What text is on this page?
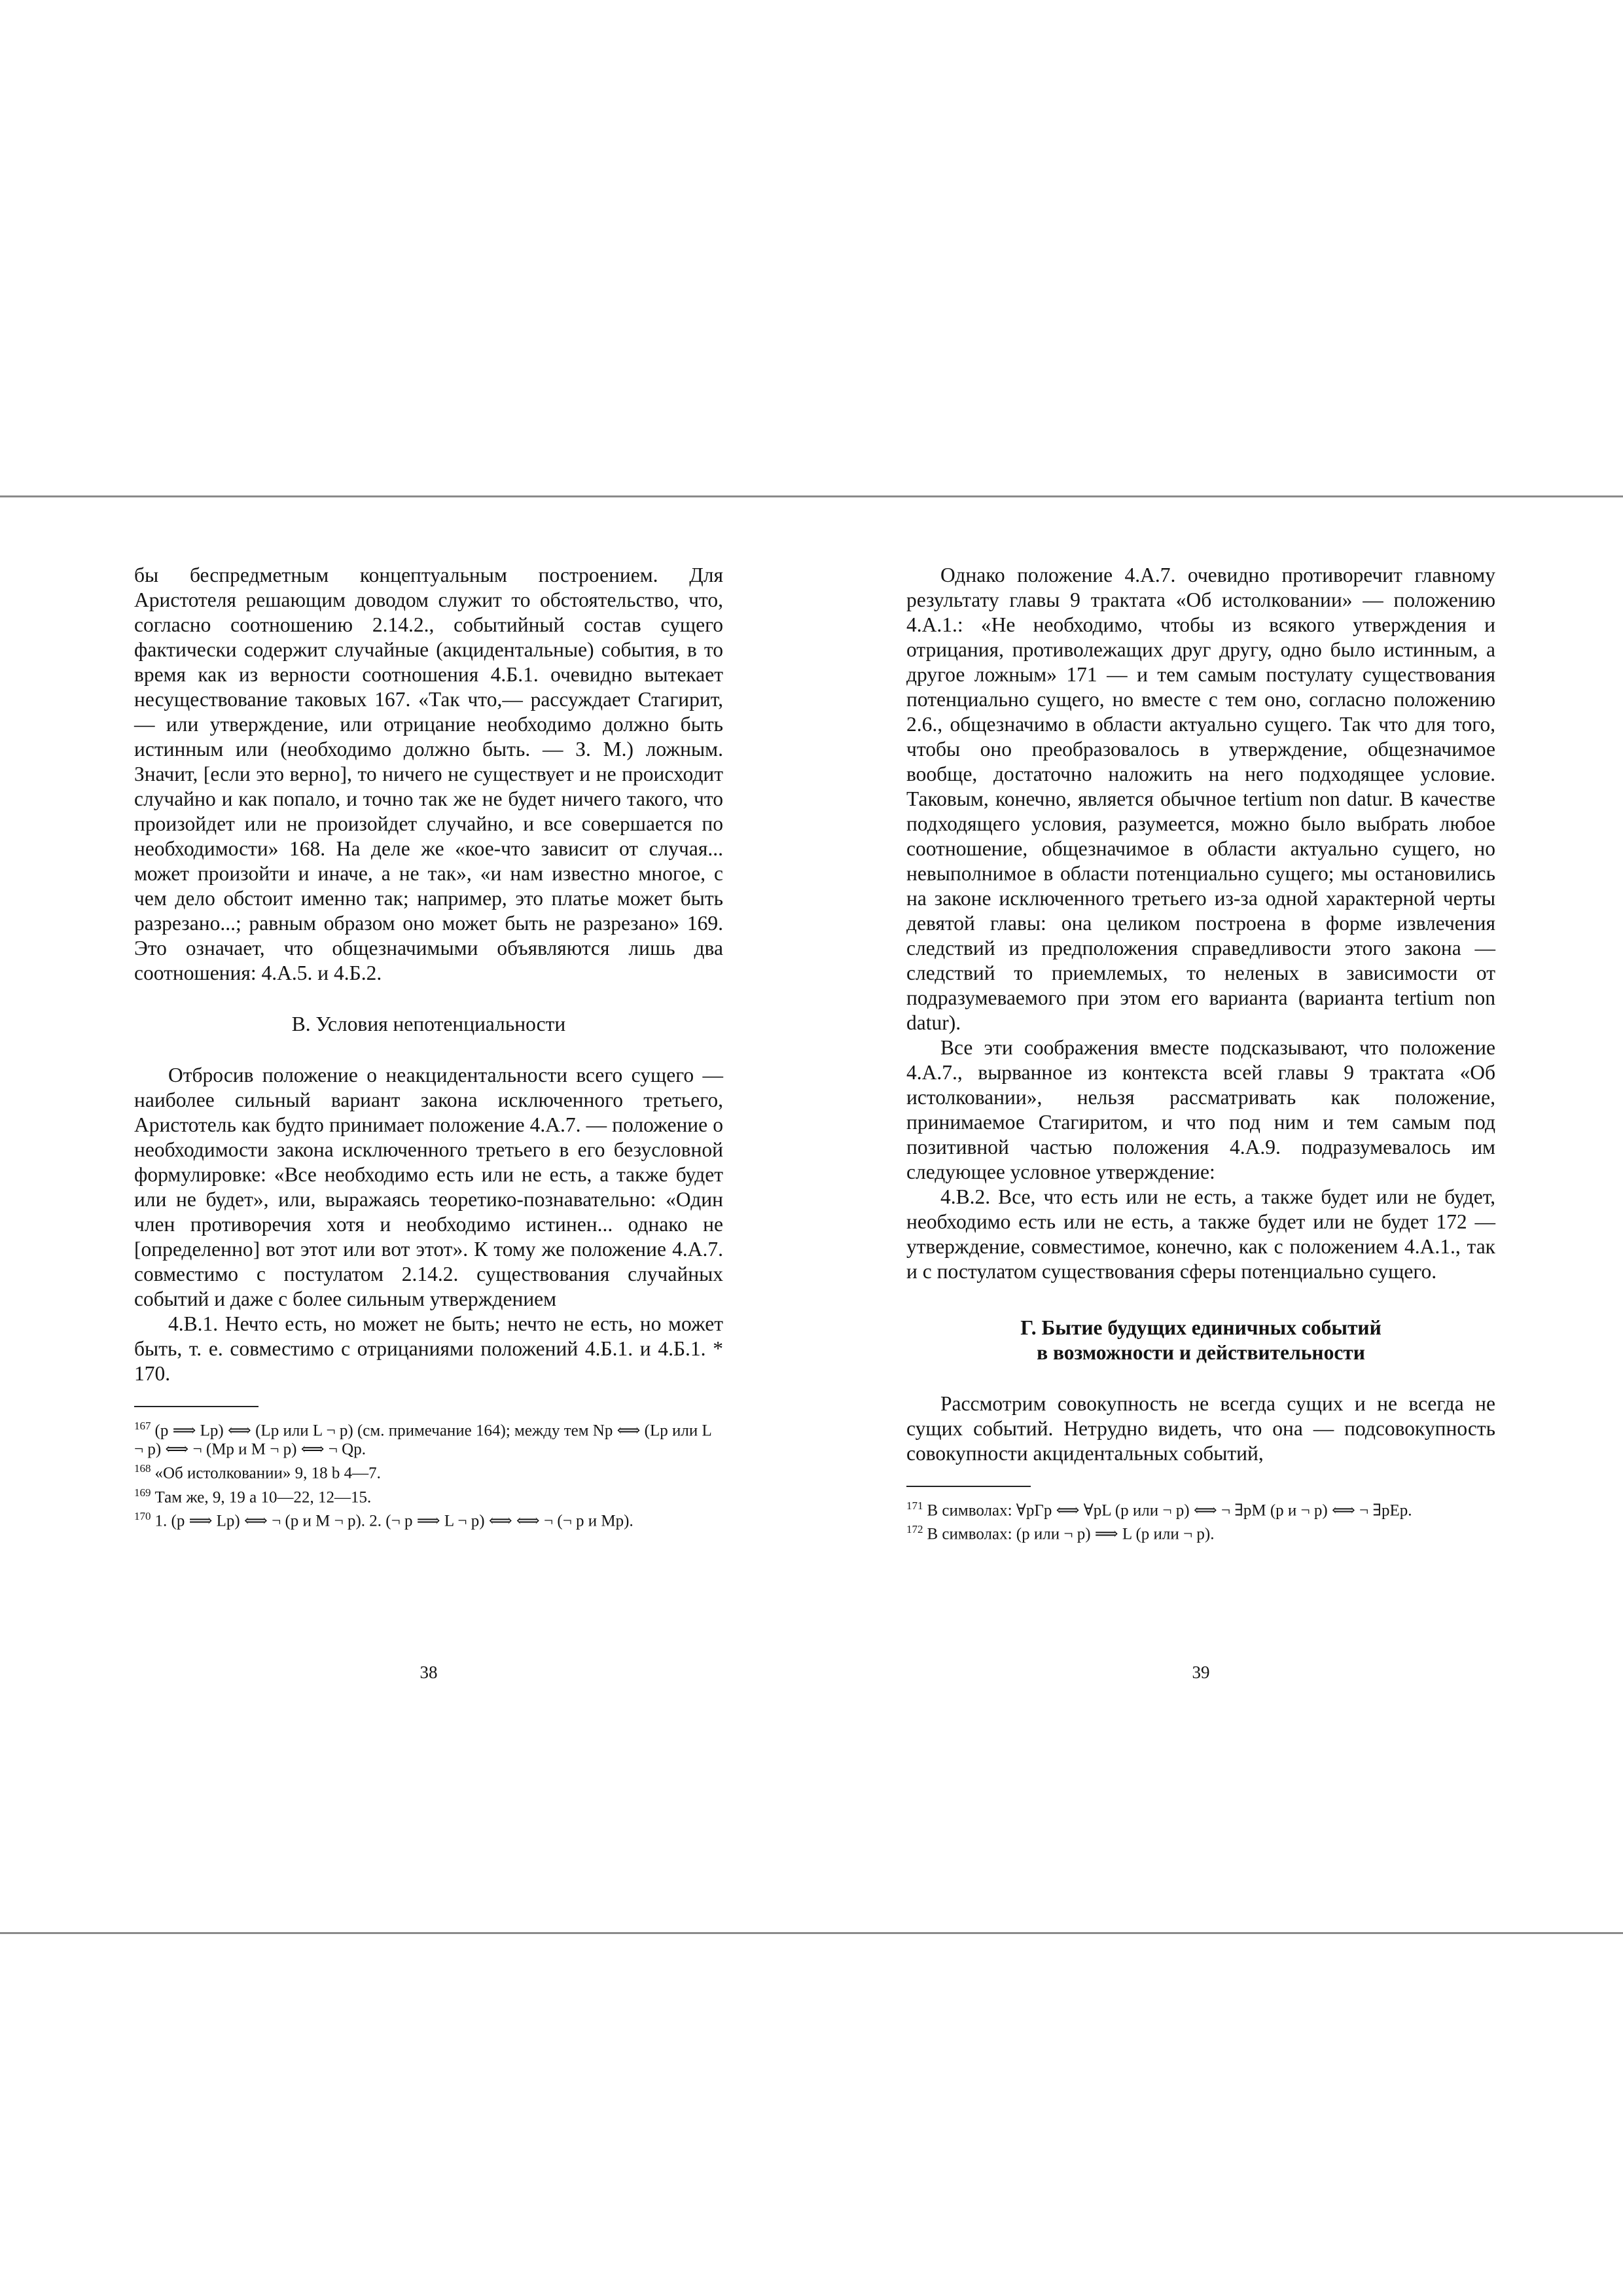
бы беспредметным концептуальным построением. Для Аристотеля решающим доводом служит то обстоятельство, что, согласно соотношению 2.14.2., событийный состав сущего фактически содержит случайные (акцидентальные) события, в то время как из верности соотношения 4.Б.1. очевидно вытекает несуществование таковых 167. «Так что,— рассуждает Стагирит,— или утверждение, или отрицание необходимо должно быть истинным или (необходимо должно быть. — З. М.) ложным. Значит, [если это верно], то ничего не существует и не происходит случайно и как попало, и точно так же не будет ничего такого, что произойдет или не произойдет случайно, и все совершается по необходимости» 168. На деле же «кое-что зависит от случая... может произойти и иначе, а не так», «и нам известно многое, с чем дело обстоит именно так; например, это платье может быть разрезано...; равным образом оно может быть не разрезано» 169. Это означает, что общезначимыми объявляются лишь два соотношения: 4.А.5. и 4.Б.2.

В. Условия непотенциальности

Отбросив положение о неакцидентальности всего сущего — наиболее сильный вариант закона исключенного третьего, Аристотель как будто принимает положение 4.А.7. — положение о необходимости закона исключенного третьего в его безусловной формулировке: «Все необходимо есть или не есть, а также будет или не будет», или, выражаясь теоретико-познавательно: «Один член противоречия хотя и необходимо истинен... однако не [определенно] вот этот или вот этот». К тому же положение 4.А.7. совместимо с постулатом 2.14.2. существования случайных событий и даже с более сильным утверждением

4.В.1. Нечто есть, но может не быть; нечто не есть, но может быть, т. е. совместимо с отрицаниями положений 4.Б.1. и 4.Б.1. * 170.

$^{167}$ (p ⟹ Lp) ⟺ (Lp или L ¬ p) (см. примечание 164); между тем Np ⟺ (Lp или L ¬ p) ⟺ ¬ (Mp и M ¬ p) ⟺ ¬ Qp.

$^{168}$ «Об истолковании» 9, 18 b 4—7.

$^{169}$ Там же, 9, 19 a 10—22, 12—15.

$^{170}$ 1. (p ⟹ Lp) ⟺ ¬ (p и M ¬ p). 2. (¬ p ⟹ L ¬ p) ⟺ ⟺ ¬ (¬ p и Mp).

38

Однако положение 4.А.7. очевидно противоречит главному результату главы 9 трактата «Об истолковании» — положению 4.А.1.: «Не необходимо, чтобы из всякого утверждения и отрицания, противолежащих друг другу, одно было истинным, а другое ложным» 171 — и тем самым постулату существования потенциально сущего, но вместе с тем оно, согласно положению 2.6., общезначимо в области актуально сущего. Так что для того, чтобы оно преобразовалось в утверждение, общезначимое вообще, достаточно наложить на него подходящее условие. Таковым, конечно, является обычное tertium non datur. В качестве подходящего условия, разумеется, можно было выбрать любое соотношение, общезначимое в области актуально сущего, но невыполнимое в области потенциально сущего; мы остановились на законе исключенного третьего из-за одной характерной черты девятой главы: она целиком построена в форме извлечения следствий из предположения справедливости этого закона — следствий то приемлемых, то неленых в зависимости от подразумеваемого при этом его варианта (варианта tertium non datur).

Все эти соображения вместе подсказывают, что положение 4.А.7., вырванное из контекста всей главы 9 трактата «Об истолковании», нельзя рассматривать как положение, принимаемое Стагиритом, и что под ним и тем самым под позитивной частью положения 4.А.9. подразумевалось им следующее условное утверждение:

4.В.2. Все, что есть или не есть, а также будет или не будет, необходимо есть или не есть, а также будет или не будет 172 — утверждение, совместимое, конечно, как с положением 4.А.1., так и с постулатом существования сферы потенциально сущего.

Г. Бытие будущих единичных событий
в возможности и действительности

Рассмотрим совокупность не всегда сущих и не всегда не сущих событий. Нетрудно видеть, что она — подсовокупность совокупности акцидентальных событий,

$^{171}$ В символах: ∀pΓp ⟺ ∀pL (p или ¬ p) ⟺ ¬ ∃pM (p и ¬ p) ⟺ ¬ ∃pEp.

$^{172}$ В символах: (p или ¬ p) ⟹ L (p или ¬ p).

39
